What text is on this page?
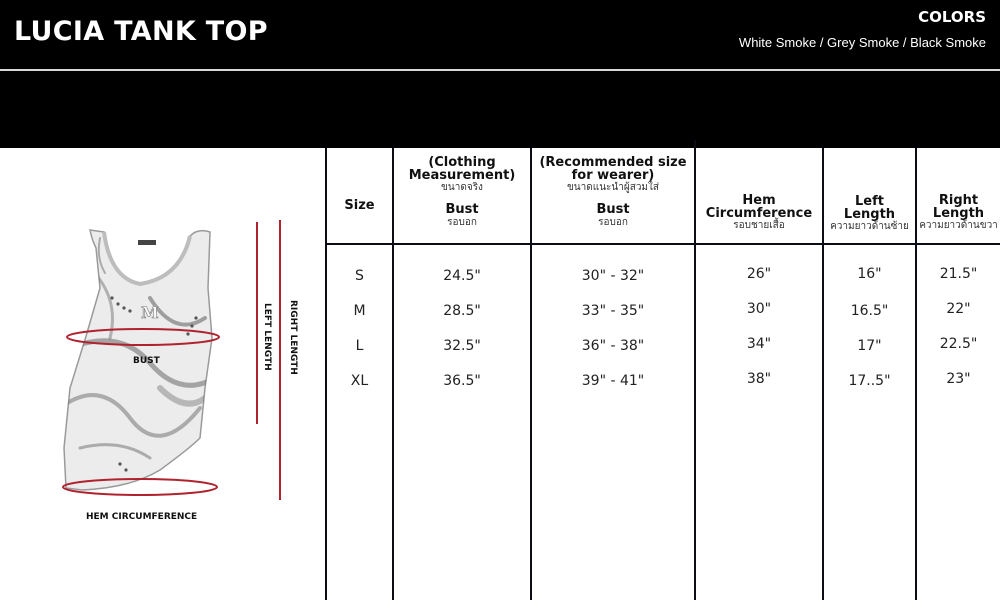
LUCIA TANK TOP	COLORS
White Smoke / Grey Smoke / Black Smoke
M
BUST
HEM CIRCUMFERENCE
LEFT LENGTH RIGHT LENGTH
Size
(Clothing Measurement)
ขนาดจริง
Bust
รอบอก
(Recommended size for wearer)
ขนาดแนะนำผู้สวมใส่
Bust
รอบอก
Hem Circumference
รอบชายเสื้อ
Left Length
ความยาวด้านซ้าย
Right Length
ความยาวด้านขวา
S	24.5"	30" - 32"	26"	16"	21.5"
M	28.5"	33" - 35"	30"	16.5"	22"
L	32.5"	36" - 38"	34"	17"	22.5"
XL	36.5"	39" - 41"	38"	17..5"	23"
